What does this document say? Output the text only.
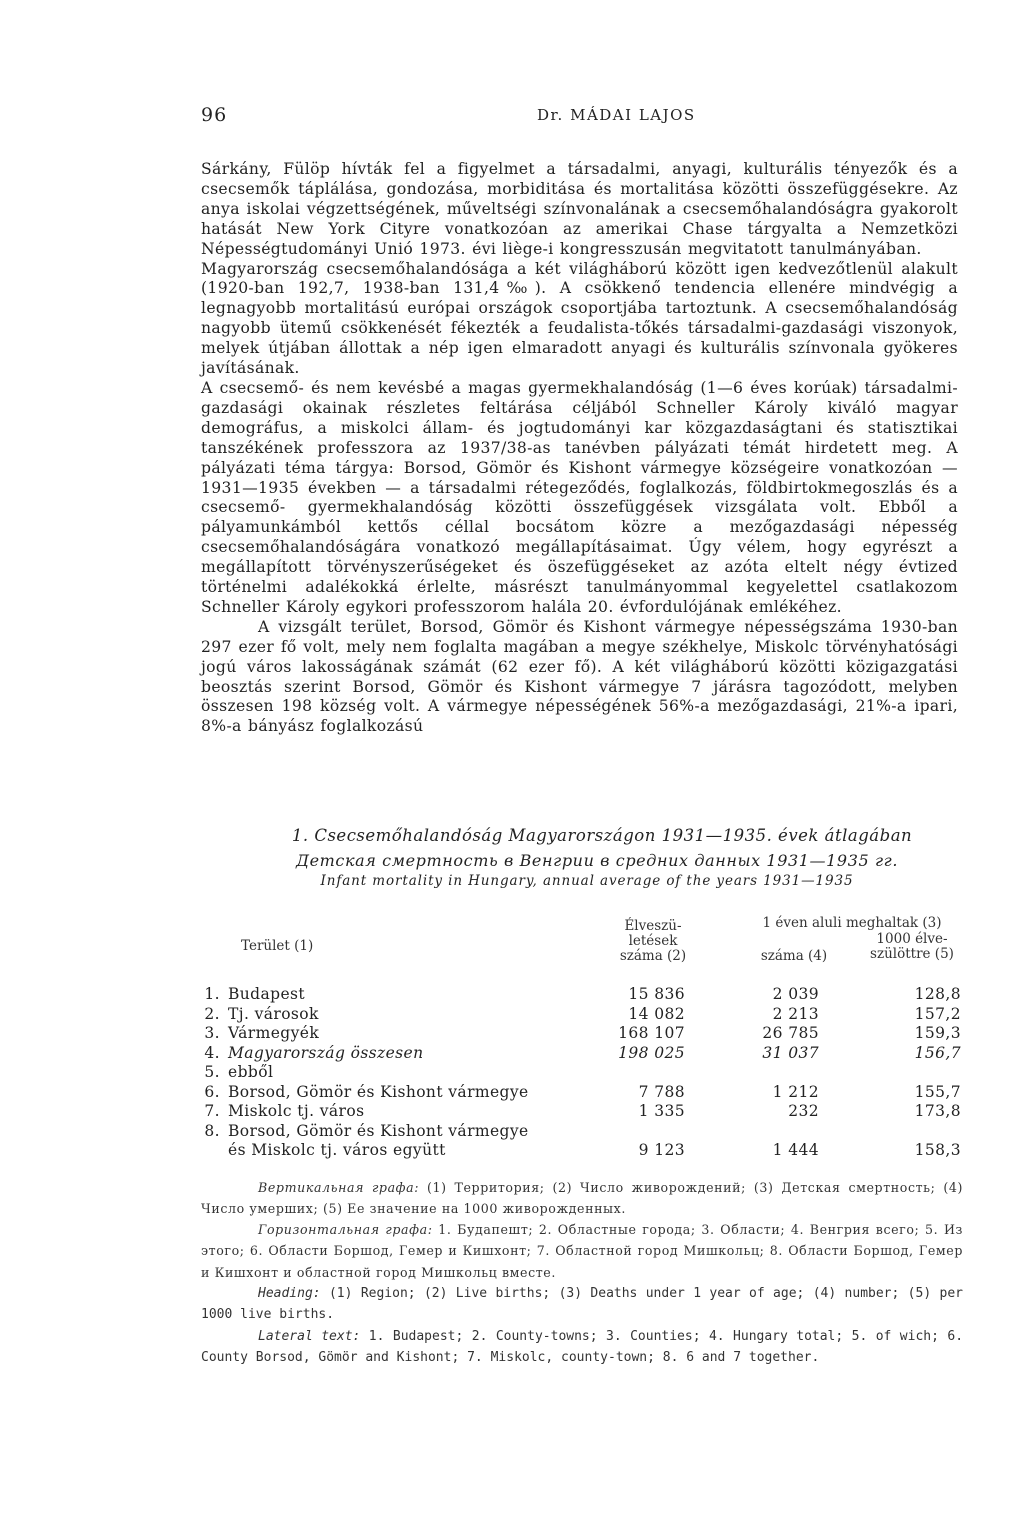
96	Dr. MÁDAI LAJOS

Sárkány, Fülöp hívták fel a figyelmet a társadalmi, anyagi, kulturális tényezők és a csecsemők táplálása, gondozása, morbiditása és mortalitása közötti összefüggésekre. Az anya iskolai végzettségének, műveltségi színvonalának a csecsemőhalandóságra gyakorolt hatását New York Cityre vonatkozóan az amerikai Chase tárgyalta a Nemzetközi Népességtudományi Unió 1973. évi liège-i kongresszusán megvitatott tanulmányában.

Magyarország csecsemőhalandósága a két világháború között igen kedvezőtlenül alakult (1920-ban 192,7, 1938-ban 131,4‰). A csökkenő tendencia ellenére mindvégig a legnagyobb mortalitású európai országok csoportjába tartoztunk. A csecsemőhalandóság nagyobb ütemű csökkenését fékezték a feudalista-tőkés társadalmi-gazdasági viszonyok, melyek útjában állottak a nép igen elmaradott anyagi és kulturális színvonala gyökeres javításának.

A csecsemő- és nem kevésbé a magas gyermekhalandóság (1—6 éves korúak) társadalmi-gazdasági okainak részletes feltárása céljából Schneller Károly kiváló magyar demográfus, a miskolci állam- és jogtudományi kar közgazdaságtani és statisztikai tanszékének professzora az 1937/38-as tanévben pályázati témát hirdetett meg. A pályázati téma tárgya: Borsod, Gömör és Kishont vármegye községeire vonatkozóan — 1931—1935 években — a társadalmi rétegeződés, foglalkozás, földbirtokmegoszlás és a csecsemő- gyermekhalandóság közötti összefüggések vizsgálata volt. Ebből a pályamunkámból kettős céllal bocsátom közre a mezőgazdasági népesség csecsemőhalandóságára vonatkozó megállapításaimat. Úgy vélem, hogy egyrészt a megállapított törvényszerűségeket és öszefüggéseket az azóta eltelt négy évtized történelmi adalékokká érlelte, másrészt tanulmányommal kegyelettel csatlakozom Schneller Károly egykori professzorom halála 20. évfordulójának emlékéhez.

A vizsgált terület, Borsod, Gömör és Kishont vármegye népességszáma 1930-ban 297 ezer fő volt, mely nem foglalta magában a megye székhelye, Miskolc törvényhatósági jogú város lakosságának számát (62 ezer fő). A két világháború közötti közigazgatási beosztás szerint Borsod, Gömör és Kishont vármegye 7 járásra tagozódott, melyben összesen 198 község volt. A vármegye népességének 56%-a mezőgazdasági, 21%-a ipari, 8%-a bányász foglalkozású

1. Csecsemőhalandóság Magyarországon 1931—1935. évek átlagában
Детская смертность в Венгрии в средних данных 1931—1935 гг.
Infant mortality in Hungary, annual average of the years 1931—1935
Terület (1)
Élveszületések száma (2)
1 éven aluli meghaltak (3)
száma (4)
1000 élveszülöttre (5)
1. Budapest	15 836	2 039	128,8
2. Tj. városok	14 082	2 213	157,2
3. Vármegyék	168 107	26 785	159,3
4. Magyarország összesen	198 025	31 037	156,7
5. ebből
6. Borsod, Gömör és Kishont vármegye	7 788	1 212	155,7
7. Miskolc tj. város	1 335	232	173,8
8. Borsod, Gömör és Kishont vármegye és Miskolc tj. város együtt	9 123	1 444	158,3

Вертикальная графа: (1) Территория; (2) Число живорождений; (3) Детская смертность; (4) Число умерших; (5) Ее значение на 1000 живорожденных.

Горизонтальная графа: 1. Будапешт; 2. Областные города; 3. Области; 4. Венгрия всего; 5. Из этого; 6. Области Боршод, Гемер и Кишхонт; 7. Областной город Мишкольц; 8. Области Боршод, Гемер и Кишхонт и областной город Мишкольц вместе.

Heading: (1) Region; (2) Live births; (3) Deaths under 1 year of age; (4) number; (5) per 1000 live births.

Lateral text: 1. Budapest; 2. County-towns; 3. Counties; 4. Hungary total; 5. of wich; 6. County Borsod, Gömör and Kishont; 7. Miskolc, county-town; 8. 6 and 7 together.
